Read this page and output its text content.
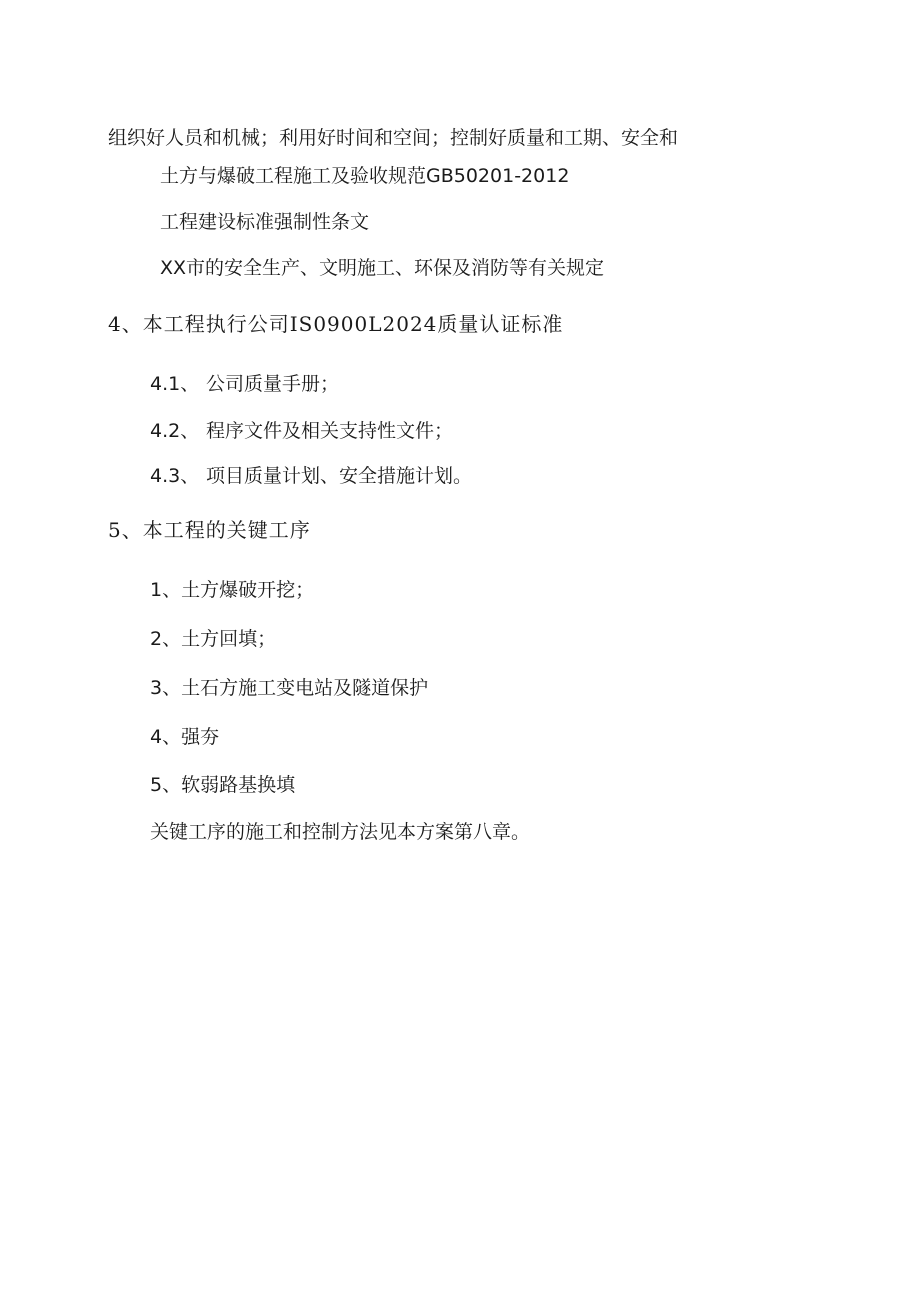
组织好人员和机械；利用好时间和空间；控制好质量和工期、安全和
土方与爆破工程施工及验收规范GB50201-2012
工程建设标准强制性条文
XX市的安全生产、文明施工、环保及消防等有关规定
4、本工程执行公司IS0900L2024质量认证标准
4.1、 公司质量手册；
4.2、 程序文件及相关支持性文件；
4.3、 项目质量计划、安全措施计划。
5、本工程的关键工序
1、土方爆破开挖；
2、土方回填；
3、土石方施工变电站及隧道保护
4、强夯
5、软弱路基换填
关键工序的施工和控制方法见本方案第八章。
